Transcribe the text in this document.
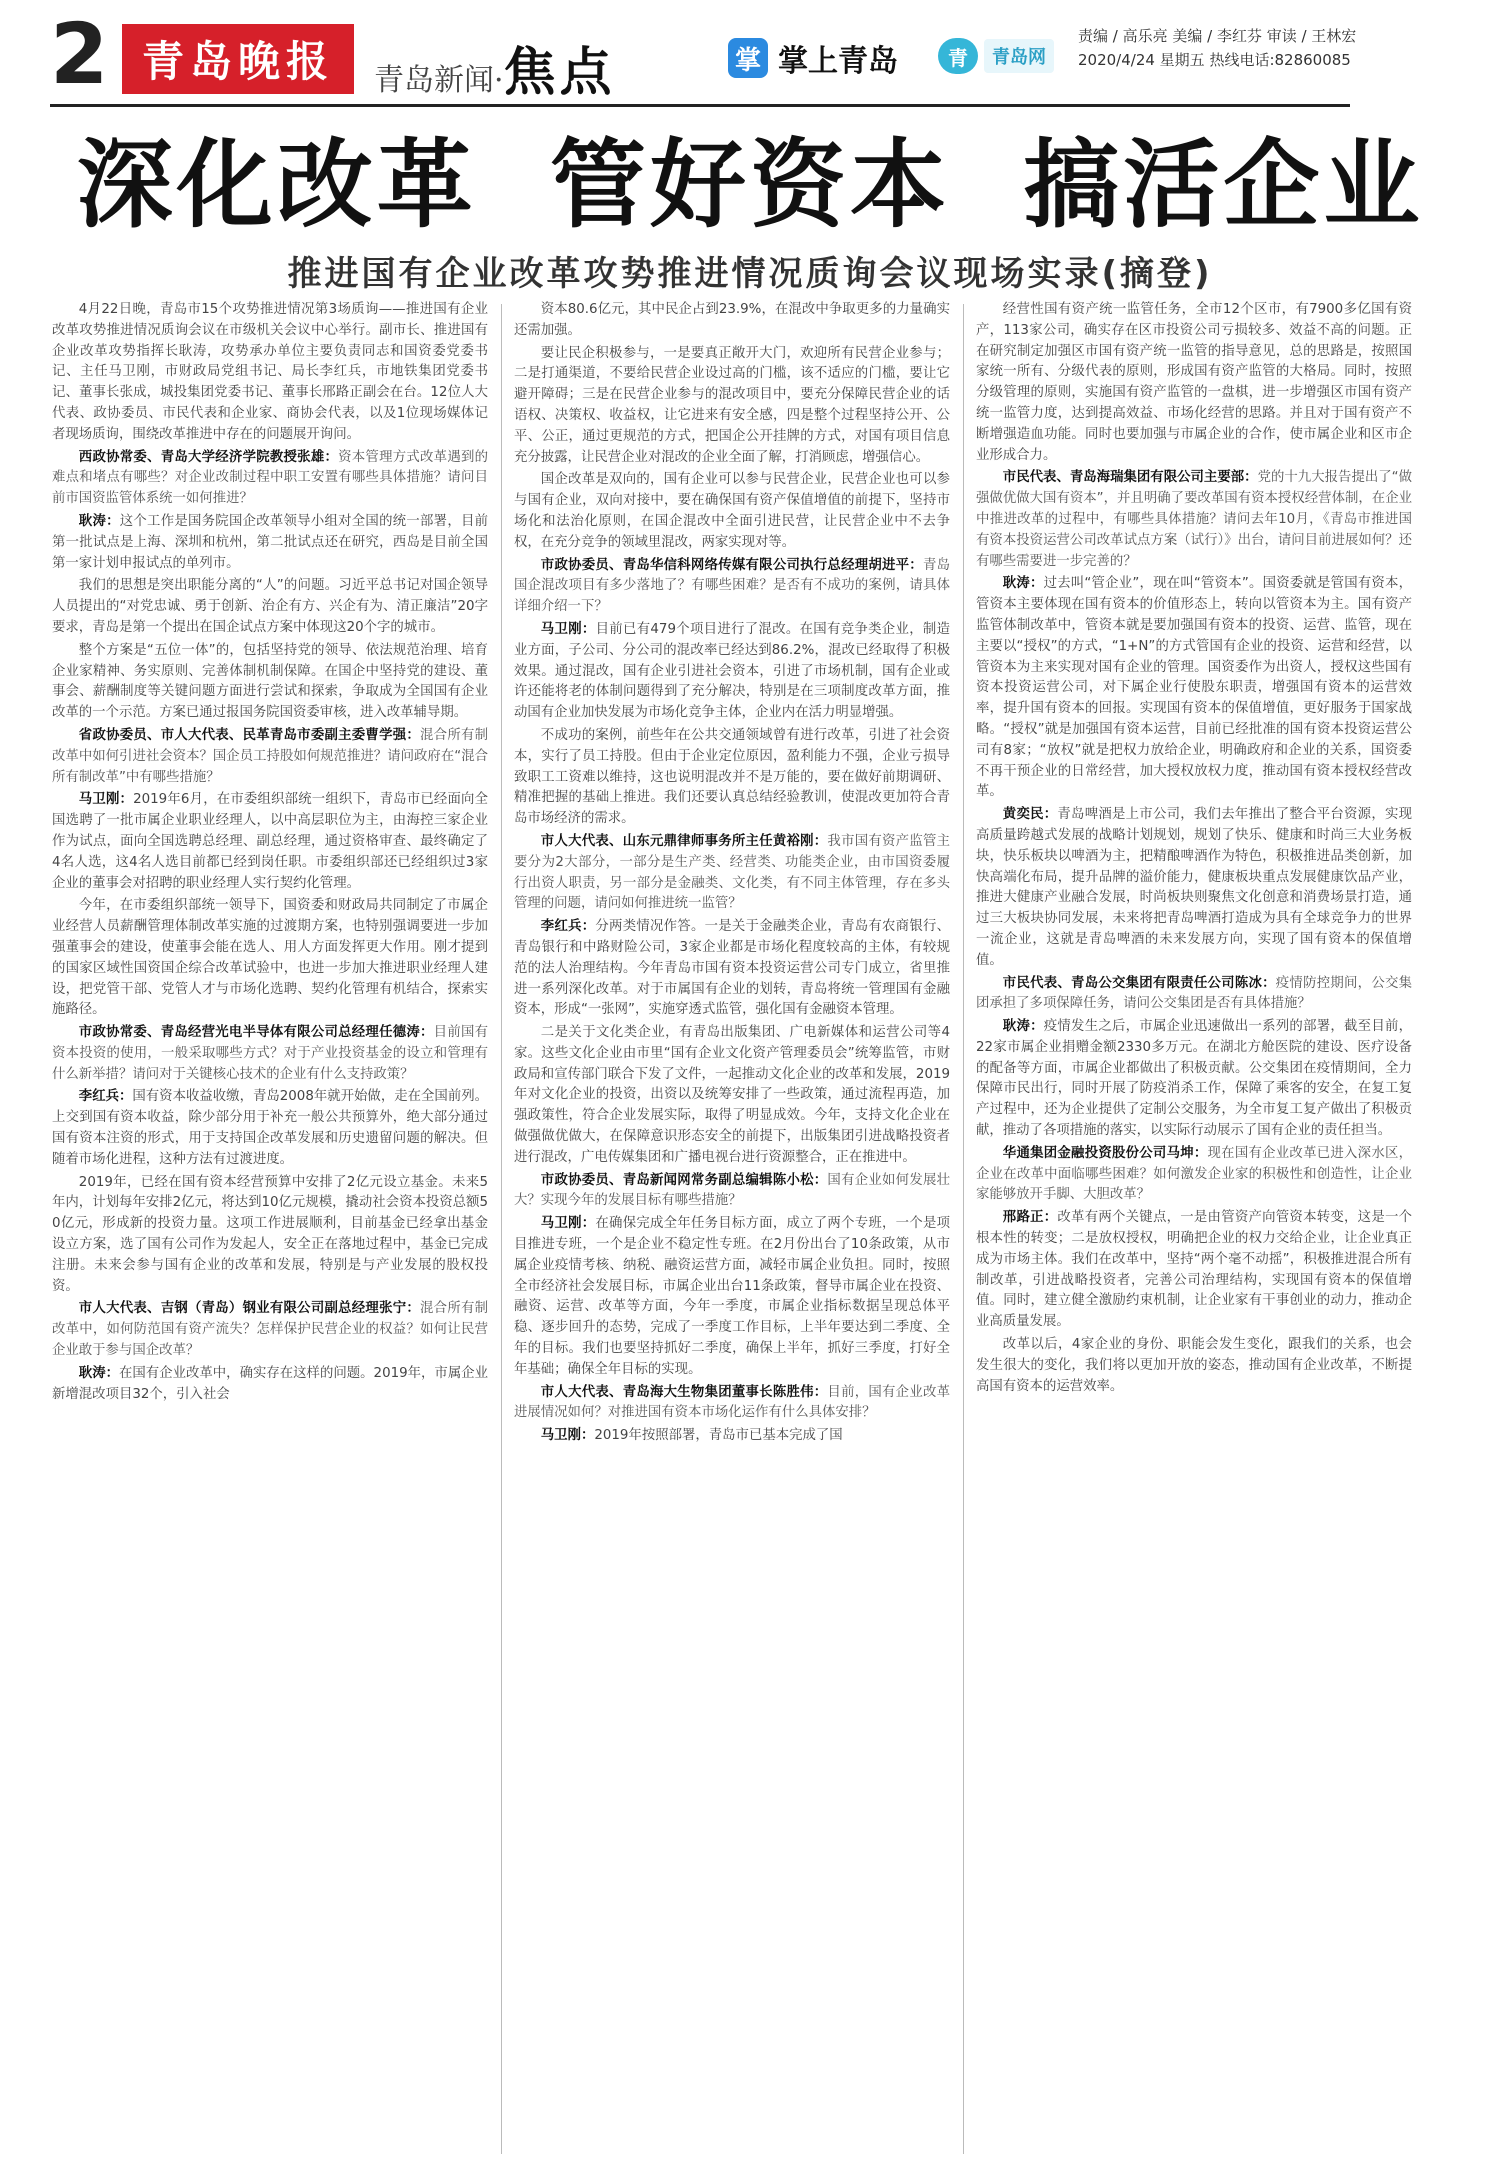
2 青岛晚报 青岛新闻·焦点	掌 掌上青岛	青	青岛网
责编 / 高乐亮 美编 / 李红芬 审读 / 王林宏
2020/4/24 星期五 热线电话:82860085
深化改革 管好资本 搞活企业
推进国有企业改革攻势推进情况质询会议现场实录(摘登)

4月22日晚，青岛市15个攻势推进情况第3场质询——推进国有企业改革攻势推进情况质询会议在市级机关会议中心举行。副市长、推进国有企业改革攻势指挥长耿涛，攻势承办单位主要负责同志和国资委党委书记、主任马卫刚，市财政局党组书记、局长李红兵，市地铁集团党委书记、董事长张成，城投集团党委书记、董事长邢路正副会在台。12位人大代表、政协委员、市民代表和企业家、商协会代表，以及1位现场媒体记者现场质询，围绕改革推进中存在的问题展开询问。

西政协常委、青岛大学经济学院教授张雄：资本管理方式改革遇到的难点和堵点有哪些？对企业改制过程中职工安置有哪些具体措施？请问目前市国资监管体系统一如何推进？

耿涛：这个工作是国务院国企改革领导小组对全国的统一部署，目前第一批试点是上海、深圳和杭州，第二批试点还在研究，西岛是目前全国第一家计划申报试点的单列市。

我们的思想是突出职能分离的“人”的问题。习近平总书记对国企领导人员提出的“对党忠诚、勇于创新、治企有方、兴企有为、清正廉洁”20字要求，青岛是第一个提出在国企试点方案中体现这20个字的城市。

整个方案是“五位一体”的，包括坚持党的领导、依法规范治理、培育企业家精神、务实原则、完善体制机制保障。在国企中坚持党的建设、董事会、薪酬制度等关键问题方面进行尝试和探索，争取成为全国国有企业改革的一个示范。方案已通过报国务院国资委审核，进入改革辅导期。

省政协委员、市人大代表、民革青岛市委副主委曹学强：混合所有制改革中如何引进社会资本？国企员工持股如何规范推进？请问政府在“混合所有制改革”中有哪些措施？

马卫刚：2019年6月，在市委组织部统一组织下，青岛市已经面向全国选聘了一批市属企业职业经理人，以中高层职位为主，由海控三家企业作为试点，面向全国选聘总经理、副总经理，通过资格审查、最终确定了4名人选，这4名人选目前都已经到岗任职。市委组织部还已经组织过3家企业的董事会对招聘的职业经理人实行契约化管理。

今年，在市委组织部统一领导下，国资委和财政局共同制定了市属企业经营人员薪酬管理体制改革实施的过渡期方案，也特别强调要进一步加强董事会的建设，使董事会能在选人、用人方面发挥更大作用。刚才提到的国家区域性国资国企综合改革试验中，也进一步加大推进职业经理人建设，把党管干部、党管人才与市场化选聘、契约化管理有机结合，探索实施路径。

市政协常委、青岛经营光电半导体有限公司总经理任德涛：目前国有资本投资的使用，一般采取哪些方式？对于产业投资基金的设立和管理有什么新举措？请问对于关键核心技术的企业有什么支持政策？

李红兵：国有资本收益收缴，青岛2008年就开始做，走在全国前列。上交到国有资本收益，除少部分用于补充一般公共预算外，绝大部分通过国有资本注资的形式，用于支持国企改革发展和历史遗留问题的解决。但随着市场化进程，这种方法有过渡进度。

2019年，已经在国有资本经营预算中安排了2亿元设立基金。未来5年内，计划每年安排2亿元，将达到10亿元规模，撬动社会资本投资总额50亿元，形成新的投资力量。这项工作进展顺利，目前基金已经拿出基金设立方案，选了国有公司作为发起人，安全正在落地过程中，基金已完成注册。未来会参与国有企业的改革和发展，特别是与产业发展的股权投资。

市人大代表、吉钢（青岛）钢业有限公司副总经理张宁：混合所有制改革中，如何防范国有资产流失？怎样保护民营企业的权益？如何让民营企业敢于参与国企改革？

耿涛：在国有企业改革中，确实存在这样的问题。2019年，市属企业新增混改项目32个，引入社会

资本80.6亿元，其中民企占到23.9%，在混改中争取更多的力量确实还需加强。

要让民企积极参与，一是要真正敞开大门，欢迎所有民营企业参与；二是打通渠道，不要给民营企业设过高的门槛，该不适应的门槛，要让它避开障碍；三是在民营企业参与的混改项目中，要充分保障民营企业的话语权、决策权、收益权，让它进来有安全感，四是整个过程坚持公开、公平、公正，通过更规范的方式，把国企公开挂牌的方式，对国有项目信息充分披露，让民营企业对混改的企业全面了解，打消顾虑，增强信心。

国企改革是双向的，国有企业可以参与民营企业，民营企业也可以参与国有企业，双向对接中，要在确保国有资产保值增值的前提下，坚持市场化和法治化原则，在国企混改中全面引进民营，让民营企业中不去争权，在充分竞争的领域里混改，两家实现对等。

市政协委员、青岛华信科网络传媒有限公司执行总经理胡进平：青岛国企混改项目有多少落地了？有哪些困难？是否有不成功的案例，请具体详细介绍一下？

马卫刚：目前已有479个项目进行了混改。在国有竞争类企业，制造业方面，子公司、分公司的混改率已经达到86.2%，混改已经取得了积极效果。通过混改，国有企业引进社会资本，引进了市场机制，国有企业或许还能将老的体制问题得到了充分解决，特别是在三项制度改革方面，推动国有企业加快发展为市场化竞争主体，企业内在活力明显增强。

不成功的案例，前些年在公共交通领域曾有进行改革，引进了社会资本，实行了员工持股。但由于企业定位原因，盈利能力不强，企业亏损导致职工工资难以维持，这也说明混改并不是万能的，要在做好前期调研、精准把握的基础上推进。我们还要认真总结经验教训，使混改更加符合青岛市场经济的需求。

市人大代表、山东元鼎律师事务所主任黄裕刚：我市国有资产监管主要分为2大部分，一部分是生产类、经营类、功能类企业，由市国资委履行出资人职责，另一部分是金融类、文化类，有不同主体管理，存在多头管理的问题，请问如何推进统一监管？

李红兵：分两类情况作答。一是关于金融类企业，青岛有农商银行、青岛银行和中路财险公司，3家企业都是市场化程度较高的主体，有较规范的法人治理结构。今年青岛市国有资本投资运营公司专门成立，省里推进一系列深化改革。对于市属国有企业的划转，青岛将统一管理国有金融资本，形成“一张网”，实施穿透式监管，强化国有金融资本管理。

二是关于文化类企业，有青岛出版集团、广电新媒体和运营公司等4家。这些文化企业由市里“国有企业文化资产管理委员会”统筹监管，市财政局和宣传部门联合下发了文件，一起推动文化企业的改革和发展，2019年对文化企业的投资，出资以及统筹安排了一些政策，通过流程再造，加强政策性，符合企业发展实际，取得了明显成效。今年，支持文化企业在做强做优做大，在保障意识形态安全的前提下，出版集团引进战略投资者进行混改，广电传媒集团和广播电视台进行资源整合，正在推进中。

市政协委员、青岛新闻网常务副总编辑陈小松：国有企业如何发展壮大？实现今年的发展目标有哪些措施？

马卫刚：在确保完成全年任务目标方面，成立了两个专班，一个是项目推进专班，一个是企业不稳定性专班。在2月份出台了10条政策，从市属企业疫情考核、纳税、融资运营方面，减轻市属企业负担。同时，按照全市经济社会发展目标，市属企业出台11条政策，督导市属企业在投资、融资、运营、改革等方面，今年一季度，市属企业指标数据呈现总体平稳、逐步回升的态势，完成了一季度工作目标，上半年要达到二季度、全年的目标。我们也要坚持抓好二季度，确保上半年，抓好三季度，打好全年基础；确保全年目标的实现。

市人大代表、青岛海大生物集团董事长陈胜伟：目前，国有企业改革进展情况如何？对推进国有资本市场化运作有什么具体安排？

马卫刚：2019年按照部署，青岛市已基本完成了国

经营性国有资产统一监管任务，全市12个区市，有7900多亿国有资产，113家公司，确实存在区市投资公司亏损较多、效益不高的问题。正在研究制定加强区市国有资产统一监管的指导意见，总的思路是，按照国家统一所有、分级代表的原则，形成国有资产监管的大格局。同时，按照分级管理的原则，实施国有资产监管的一盘棋，进一步增强区市国有资产统一监管力度，达到提高效益、市场化经营的思路。并且对于国有资产不断增强造血功能。同时也要加强与市属企业的合作，使市属企业和区市企业形成合力。

市民代表、青岛海瑞集团有限公司主要部：党的十九大报告提出了“做强做优做大国有资本”，并且明确了要改革国有资本授权经营体制，在企业中推进改革的过程中，有哪些具体措施？请问去年10月，《青岛市推进国有资本投资运营公司改革试点方案（试行）》出台，请问目前进展如何？还有哪些需要进一步完善的？

耿涛：过去叫“管企业”，现在叫“管资本”。国资委就是管国有资本，管资本主要体现在国有资本的价值形态上，转向以管资本为主。国有资产监管体制改革中，管资本就是要加强国有资本的投资、运营、监管，现在主要以“授权”的方式，“1+N”的方式管国有企业的投资、运营和经营，以管资本为主来实现对国有企业的管理。国资委作为出资人，授权这些国有资本投资运营公司，对下属企业行使股东职责，增强国有资本的运营效率，提升国有资本的回报。实现国有资本的保值增值，更好服务于国家战略。“授权”就是加强国有资本运营，目前已经批准的国有资本投资运营公司有8家；“放权”就是把权力放给企业，明确政府和企业的关系，国资委不再干预企业的日常经营，加大授权放权力度，推动国有资本授权经营改革。

黄奕民：青岛啤酒是上市公司，我们去年推出了整合平台资源，实现高质量跨越式发展的战略计划规划，规划了快乐、健康和时尚三大业务板块，快乐板块以啤酒为主，把精酿啤酒作为特色，积极推进品类创新，加快高端化布局，提升品牌的溢价能力，健康板块重点发展健康饮品产业，推进大健康产业融合发展，时尚板块则聚焦文化创意和消费场景打造，通过三大板块协同发展，未来将把青岛啤酒打造成为具有全球竞争力的世界一流企业，这就是青岛啤酒的未来发展方向，实现了国有资本的保值增值。

市民代表、青岛公交集团有限责任公司陈冰：疫情防控期间，公交集团承担了多项保障任务，请问公交集团是否有具体措施？

耿涛：疫情发生之后，市属企业迅速做出一系列的部署，截至目前，22家市属企业捐赠金额2330多万元。在湖北方舱医院的建设、医疗设备的配备等方面，市属企业都做出了积极贡献。公交集团在疫情期间，全力保障市民出行，同时开展了防疫消杀工作，保障了乘客的安全，在复工复产过程中，还为企业提供了定制公交服务，为全市复工复产做出了积极贡献，推动了各项措施的落实，以实际行动展示了国有企业的责任担当。

华通集团金融投资股份公司马坤：现在国有企业改革已进入深水区，企业在改革中面临哪些困难？如何激发企业家的积极性和创造性，让企业家能够放开手脚、大胆改革？

邢路正：改革有两个关键点，一是由管资产向管资本转变，这是一个根本性的转变；二是放权授权，明确把企业的权力交给企业，让企业真正成为市场主体。我们在改革中，坚持“两个毫不动摇”，积极推进混合所有制改革，引进战略投资者，完善公司治理结构，实现国有资本的保值增值。同时，建立健全激励约束机制，让企业家有干事创业的动力，推动企业高质量发展。

改革以后，4家企业的身份、职能会发生变化，跟我们的关系，也会发生很大的变化，我们将以更加开放的姿态，推动国有企业改革，不断提高国有资本的运营效率。
